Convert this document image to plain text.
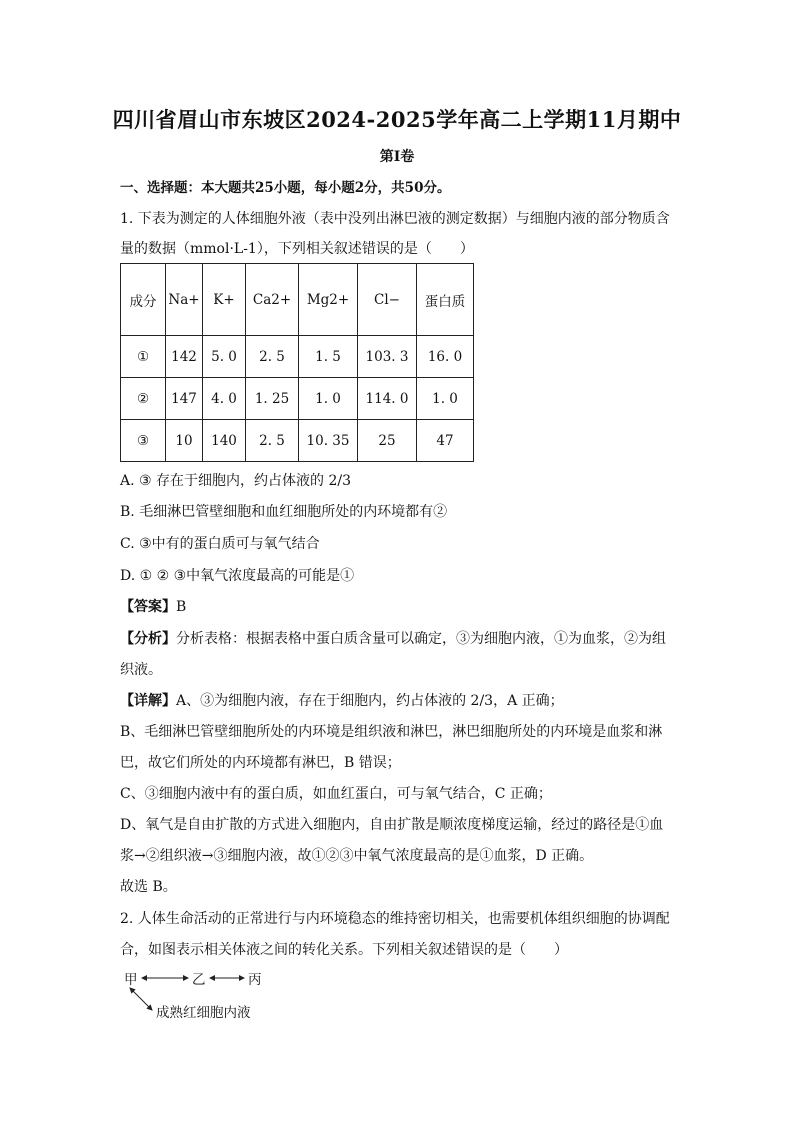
四川省眉山市东坡区2024-2025学年高二上学期11月期中
第I卷
一、选择题：本大题共25小题，每小题2分，共50分。
1. 下表为测定的人体细胞外液（表中没列出淋巴液的测定数据）与细胞内液的部分物质含
量的数据（mmol·L-1），下列相关叙述错误的是（　　）
成分	Na+	K+	Ca2+	Mg2+	Cl−	蛋白质
①	142	5. 0	2. 5	1. 5	103. 3	16. 0
②	147	4. 0	1. 25	1. 0	114. 0	1. 0
③	10	140	2. 5	10. 35	25	47
A. ③ 存在于细胞内，约占体液的 2/3
B. 毛细淋巴管壁细胞和血红细胞所处的内环境都有②
C. ③中有的蛋白质可与氧气结合
D. ① ② ③中氧气浓度最高的可能是①
【答案】B
【分析】分析表格：根据表格中蛋白质含量可以确定，③为细胞内液，①为血浆，②为组
织液。
【详解】A、③为细胞内液，存在于细胞内，约占体液的 2/3，A 正确；
B、毛细淋巴管壁细胞所处的内环境是组织液和淋巴，淋巴细胞所处的内环境是血浆和淋
巴，故它们所处的内环境都有淋巴，B 错误；
C、③细胞内液中有的蛋白质，如血红蛋白，可与氧气结合，C 正确；
D、氧气是自由扩散的方式进入细胞内，自由扩散是顺浓度梯度运输，经过的路径是①血
浆→②组织液→③细胞内液，故①②③中氧气浓度最高的是①血浆，D 正确。
故选 B。
2. 人体生命活动的正常进行与内环境稳态的维持密切相关，也需要机体组织细胞的协调配
合，如图表示相关体液之间的转化关系。下列相关叙述错误的是（　　）
甲	乙	丙
成熟红细胞内液
